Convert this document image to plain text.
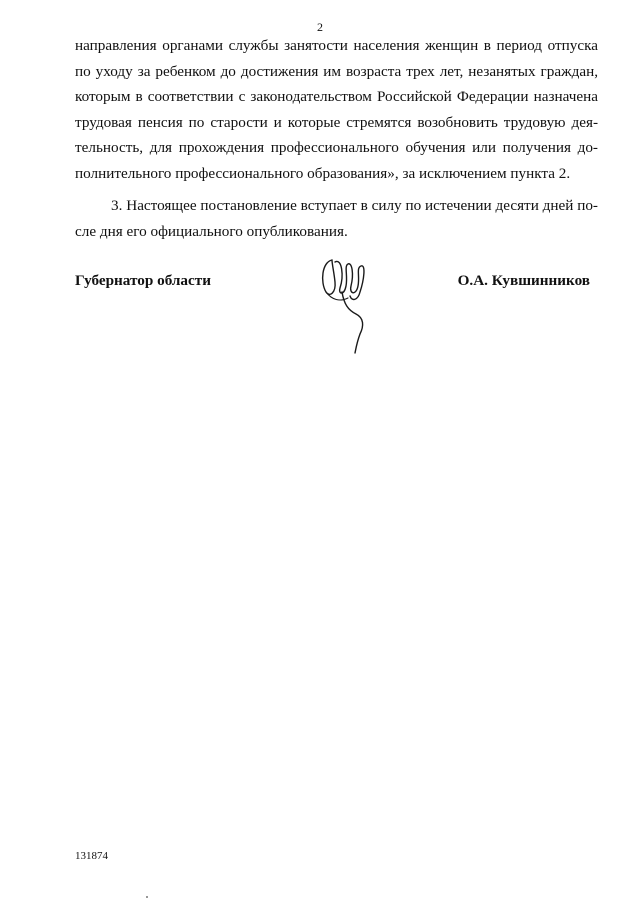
2
направления органами службы занятости населения женщин в период отпуска
по уходу за ребенком до достижения им возраста трех лет, незанятых граждан,
которым в соответствии с законодательством Российской Федерации назначена
трудовая пенсия по старости и которые стремятся возобновить трудовую дея-
тельность, для прохождения профессионального обучения или получения до-
полнительного профессионального образования», за исключением пункта 2.
3. Настоящее постановление вступает в силу по истечении десяти дней по-
сле дня его официального опубликования.
Губернатор области	О.А. Кувшинников
131874
